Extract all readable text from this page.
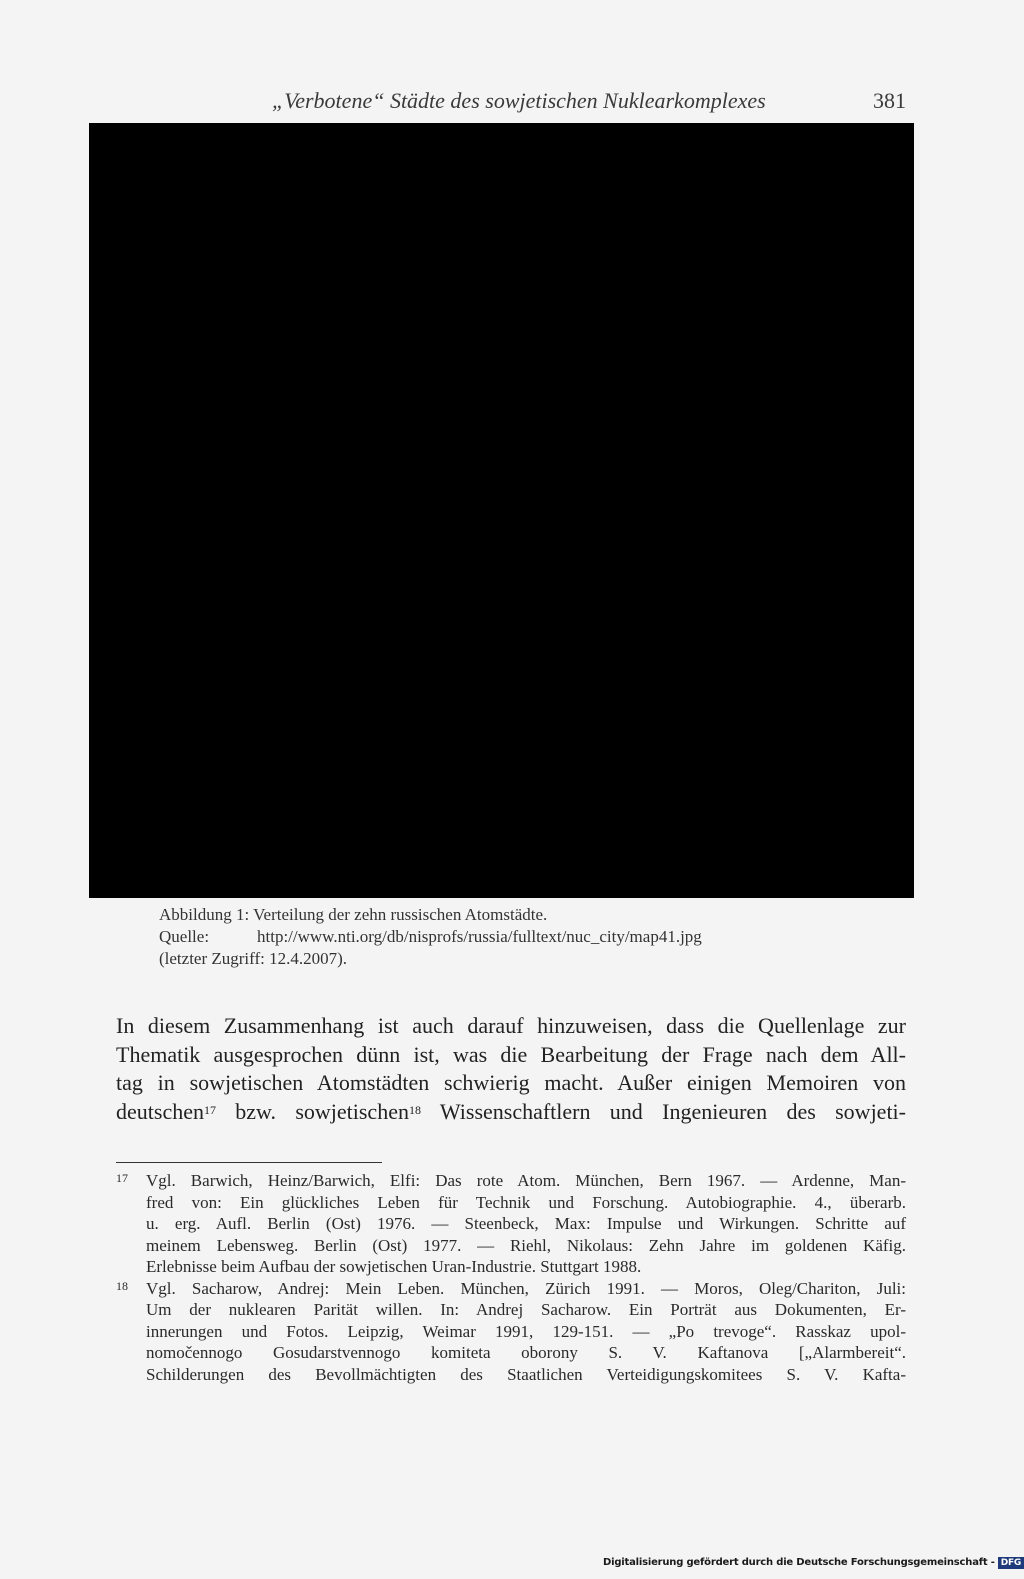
„Verbotene“ Städte des sowjetischen Nuklearkomplexes	381
Abbildung 1: Verteilung der zehn russischen Atomstädte.
Quelle:	http://www.nti.org/db/nisprofs/russia/fulltext/nuc_city/map41.jpg
(letzter Zugriff: 12.4.2007).
In diesem Zusammenhang ist auch darauf hinzuweisen, dass die Quellenlage zur
Thematik ausgesprochen dünn ist, was die Bearbeitung der Frage nach dem All-
tag in sowjetischen Atomstädten schwierig macht. Außer einigen Memoiren von
deutschen$^{17}$ bzw. sowjetischen$^{18}$ Wissenschaftlern und Ingenieuren des sowjeti-
17 Vgl. Barwich, Heinz/Barwich, Elfi: Das rote Atom. München, Bern 1967. — Ardenne, Man-
fred von: Ein glückliches Leben für Technik und Forschung. Autobiographie. 4., überarb.
u. erg. Aufl. Berlin (Ost) 1976. — Steenbeck, Max: Impulse und Wirkungen. Schritte auf
meinem Lebensweg. Berlin (Ost) 1977. — Riehl, Nikolaus: Zehn Jahre im goldenen Käfig.
Erlebnisse beim Aufbau der sowjetischen Uran-Industrie. Stuttgart 1988.
18 Vgl. Sacharow, Andrej: Mein Leben. München, Zürich 1991. — Moros, Oleg/Chariton, Juli:
Um der nuklearen Parität willen. In: Andrej Sacharow. Ein Porträt aus Dokumenten, Er-
innerungen und Fotos. Leipzig, Weimar 1991, 129-151. — „Po trevoge“. Rasskaz upol-
nomočennogo Gosudarstvennogo komiteta oborony S. V. Kaftanova [„Alarmbereit“.
Schilderungen des Bevollmächtigten des Staatlichen Verteidigungskomitees S. V. Kafta-
Digitalisierung gefördert durch die Deutsche Forschungsgemeinschaft - DFG
